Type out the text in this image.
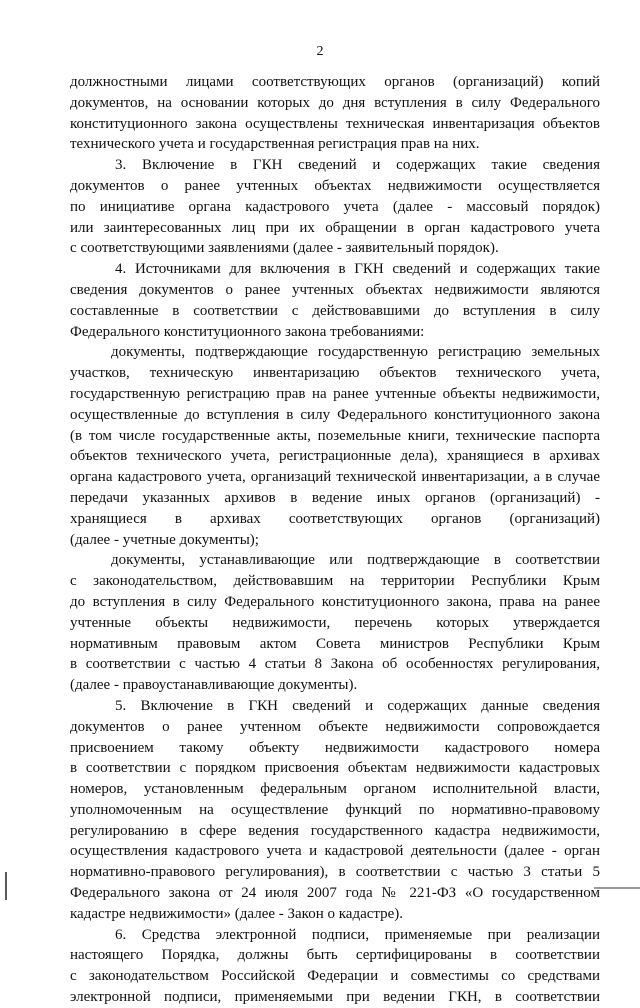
2
должностными лицами соответствующих органов (организаций) копий
документов, на основании которых до дня вступления в силу Федерального
конституционного закона осуществлены техническая инвентаризация объектов
технического учета и государственная регистрация прав на них.
3. Включение в ГКН сведений и содержащих такие сведения
документов о ранее учтенных объектах недвижимости осуществляется
по инициативе органа кадастрового учета (далее - массовый порядок)
или заинтересованных лиц при их обращении в орган кадастрового учета
с соответствующими заявлениями (далее - заявительный порядок).
4. Источниками для включения в ГКН сведений и содержащих такие
сведения документов о ранее учтенных объектах недвижимости являются
составленные в соответствии с действовавшими до вступления в силу
Федерального конституционного закона требованиями:
документы, подтверждающие государственную регистрацию земельных
участков, техническую инвентаризацию объектов технического учета,
государственную регистрацию прав на ранее учтенные объекты недвижимости,
осуществленные до вступления в силу Федерального конституционного закона
(в том числе государственные акты, поземельные книги, технические паспорта
объектов технического учета, регистрационные дела), хранящиеся в архивах
органа кадастрового учета, организаций технической инвентаризации, а в случае
передачи указанных архивов в ведение иных органов (организаций) -
хранящиеся в архивах соответствующих органов (организаций)
(далее - учетные документы);
документы, устанавливающие или подтверждающие в соответствии
с законодательством, действовавшим на территории Республики Крым
до вступления в силу Федерального конституционного закона, права на ранее
учтенные объекты недвижимости, перечень которых утверждается
нормативным правовым актом Совета министров Республики Крым
в соответствии с частью 4 статьи 8 Закона об особенностях регулирования,
(далее - правоустанавливающие документы).
5. Включение в ГКН сведений и содержащих данные сведения
документов о ранее учтенном объекте недвижимости сопровождается
присвоением такому объекту недвижимости кадастрового номера
в соответствии с порядком присвоения объектам недвижимости кадастровых
номеров, установленным федеральным органом исполнительной власти,
уполномоченным на осуществление функций по нормативно-правовому
регулированию в сфере ведения государственного кадастра недвижимости,
осуществления кадастрового учета и кадастровой деятельности (далее - орган
нормативно-правового регулирования), в соответствии с частью 3 статьи 5
Федерального закона от 24 июля 2007 года № 221-ФЗ «О государственном
кадастре недвижимости» (далее - Закон о кадастре).
6. Средства электронной подписи, применяемые при реализации
настоящего Порядка, должны быть сертифицированы в соответствии
с законодательством Российской Федерации и совместимы со средствами
электронной подписи, применяемыми при ведении ГКН, в соответствии
